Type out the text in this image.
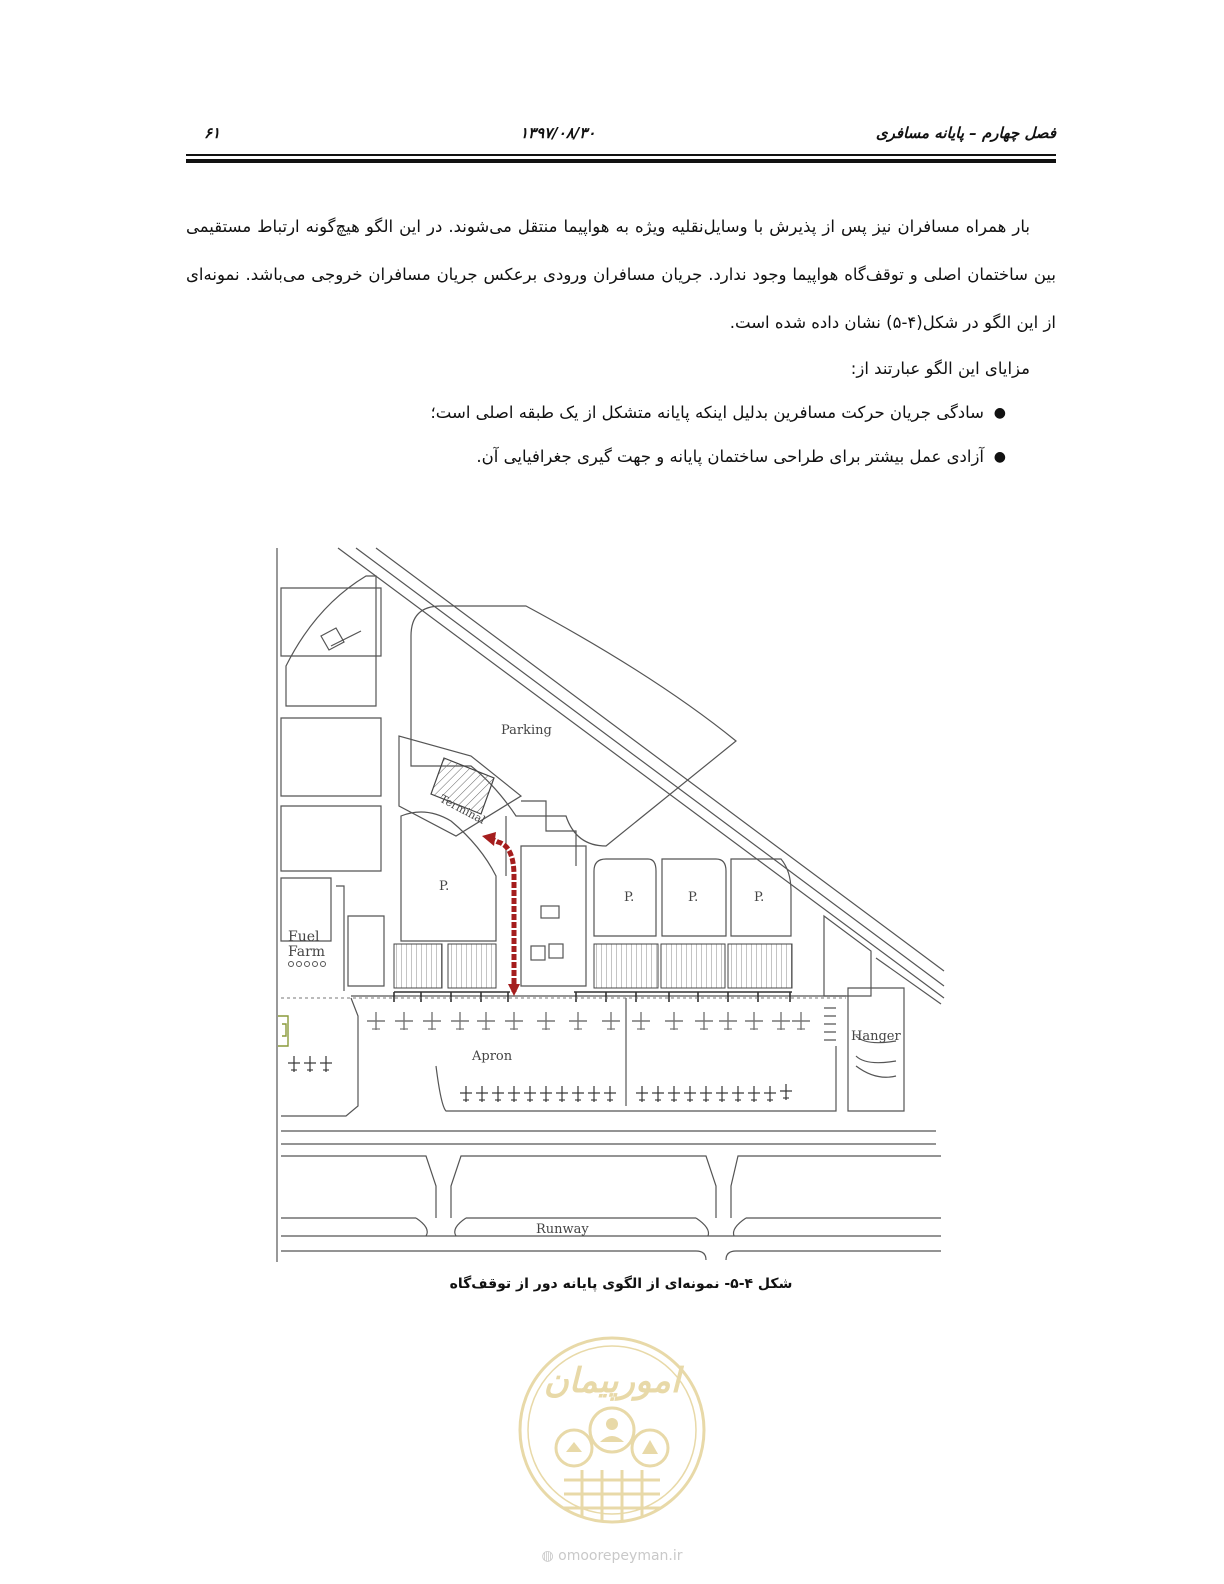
فصل چهارم – پایانه مسافری
۱۳۹۷/۰۸/۳۰
۶۱

بار همراه مسافران نیز پس از پذیرش با وسایل‌نقلیه ویژه به هواپیما منتقل می‌شوند. در این الگو هیچ‌گونه ارتباط مستقیمی بین ساختمان اصلی و توقف‌گاه هواپیما وجود ندارد. جریان مسافران ورودی برعکس جریان مسافران خروجی می‌باشد. نمونه‌ای از این الگو در شکل(۴-۵) نشان داده شده است.

مزایای این الگو عبارتند از:

●
سادگی جریان حرکت مسافرین بدلیل اینکه پایانه متشکل از یک طبقه اصلی است؛
●
آزادی عمل بیشتر برای طراحی ساختمان پایانه و جهت گیری جغرافیایی آن.
Parking
Terminal
P.
P.	P.	P.
Fuel
Farm
Hanger
Apron
Runway
شکل ۴-۵- نمونه‌ای از الگوی پایانه دور از توقف‌گاه
امورپیمان
◍ omoorepeyman.ir
